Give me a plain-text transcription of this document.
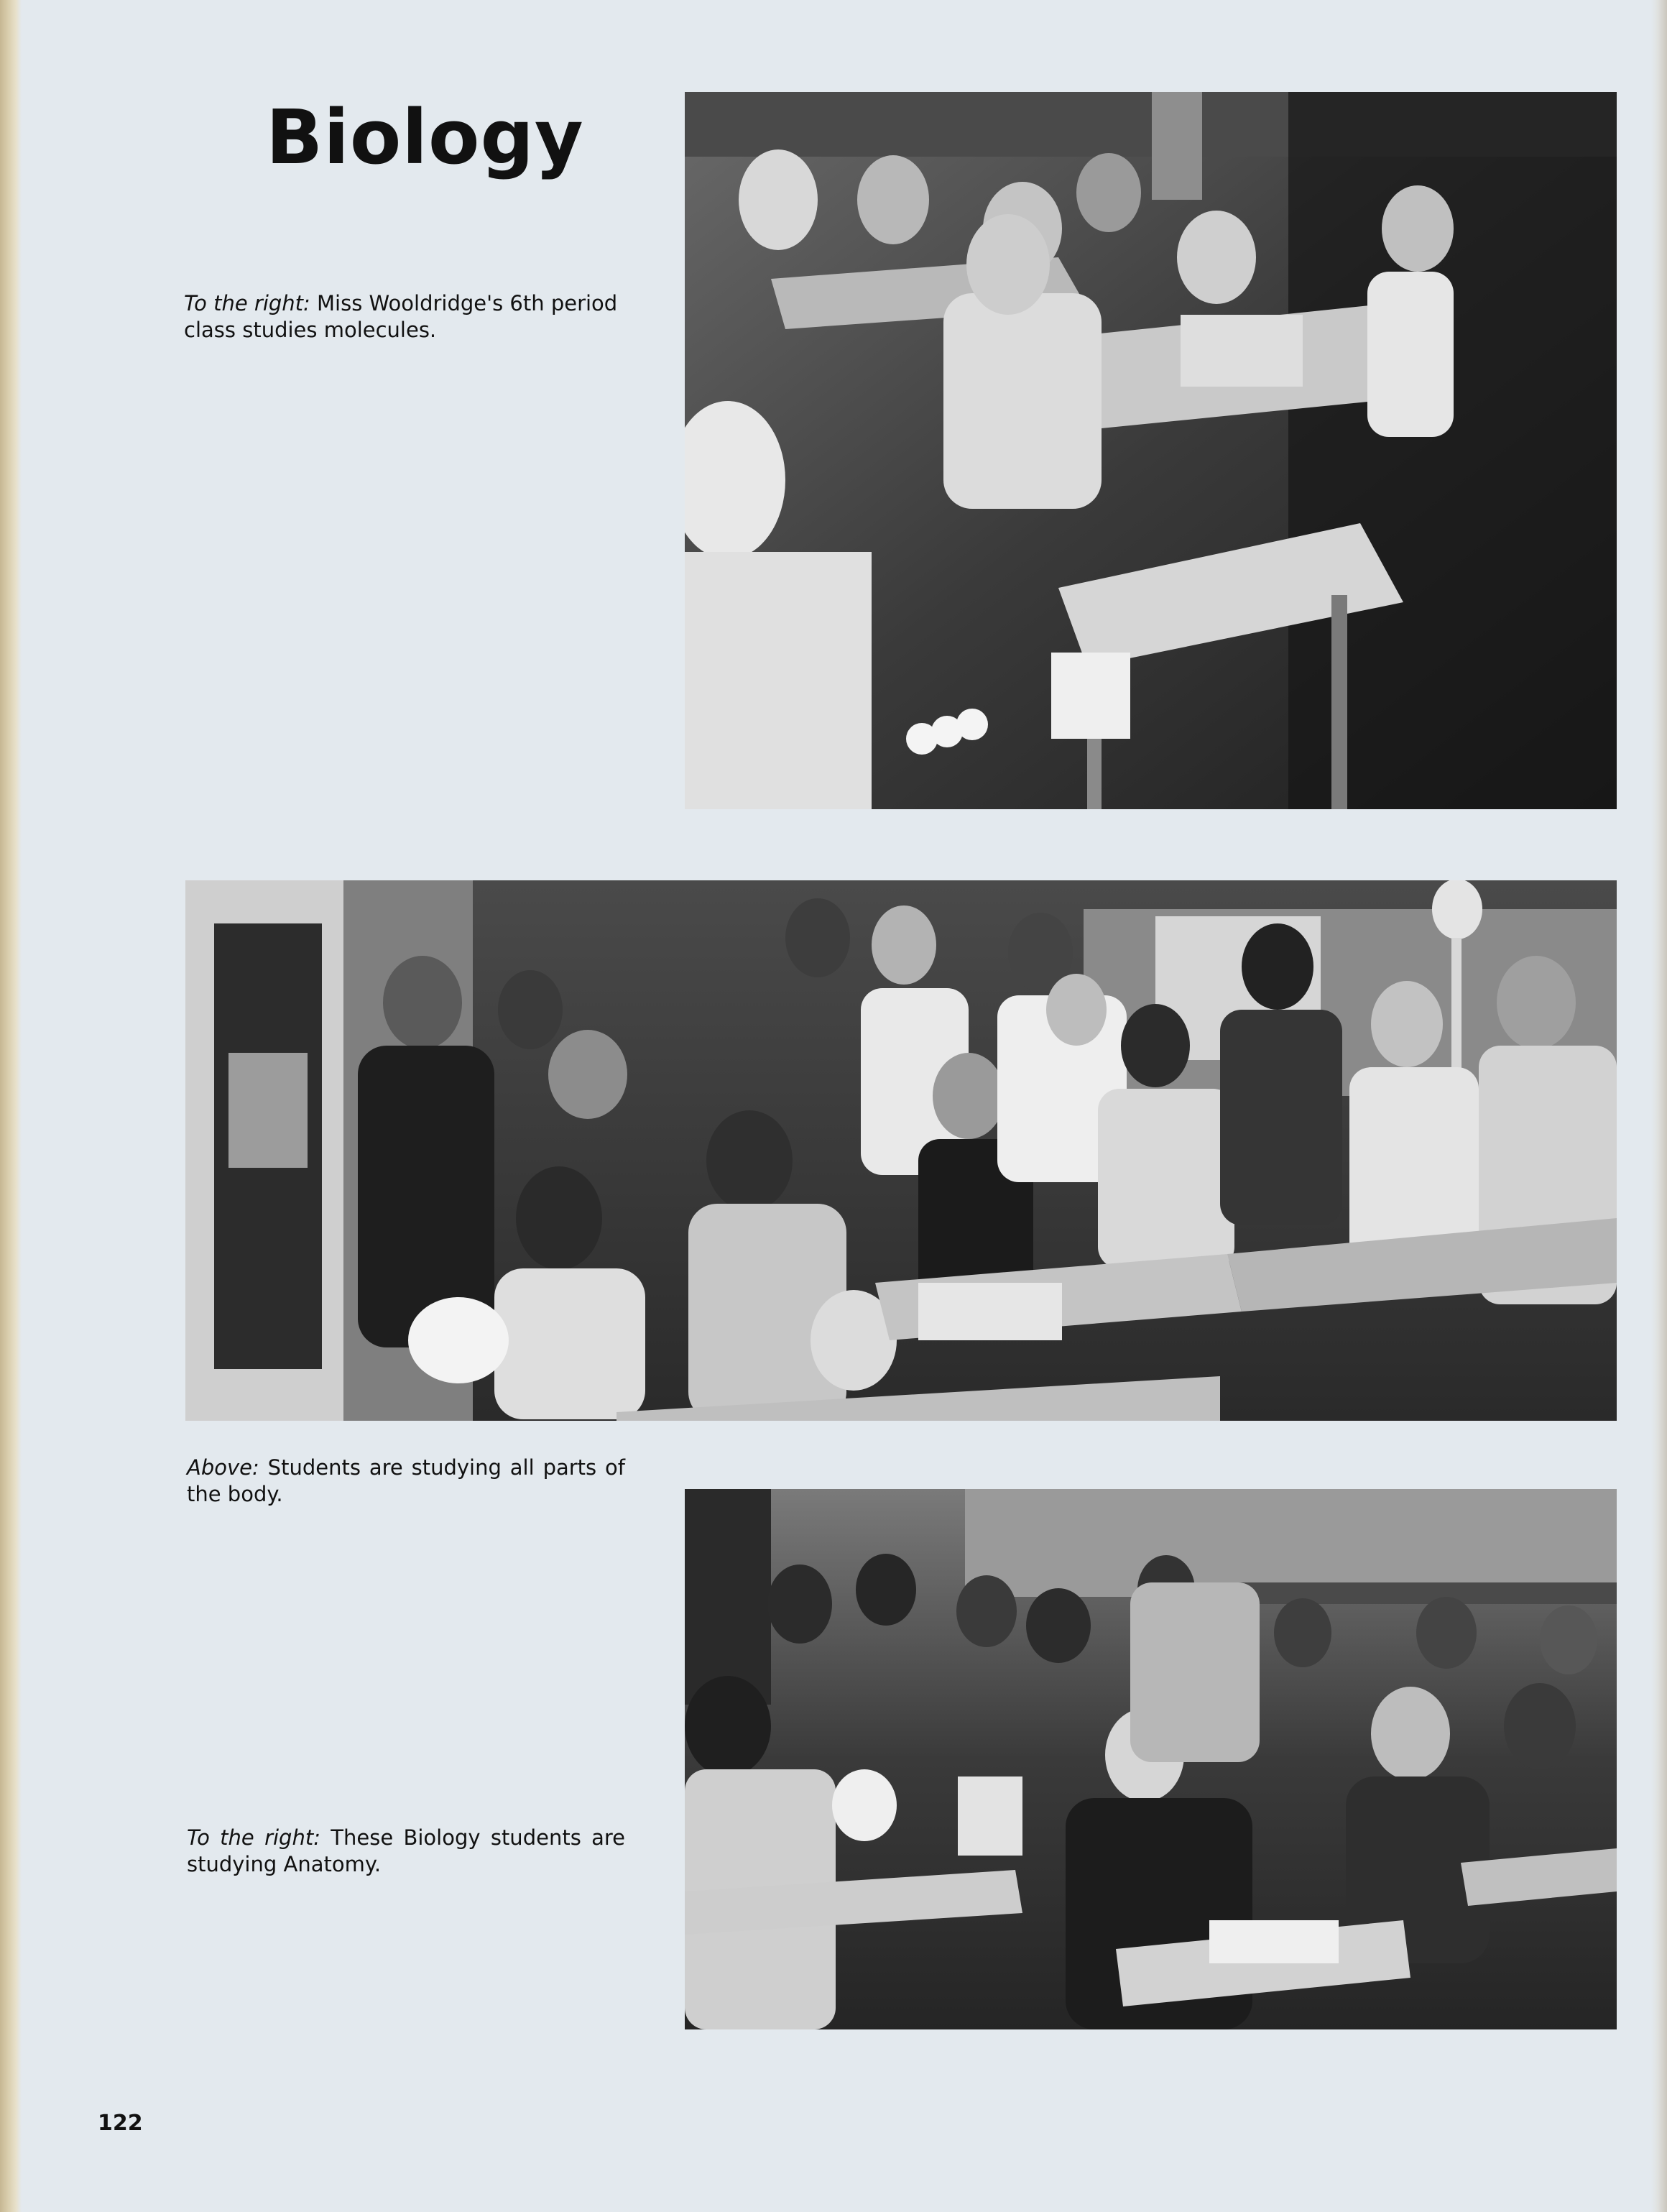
Biology
To the right: Miss Wooldridge's 6th period class studies molecules.
Above: Students are studying all parts of the body.
To the right: These Biology students are studying Anatomy.
122
